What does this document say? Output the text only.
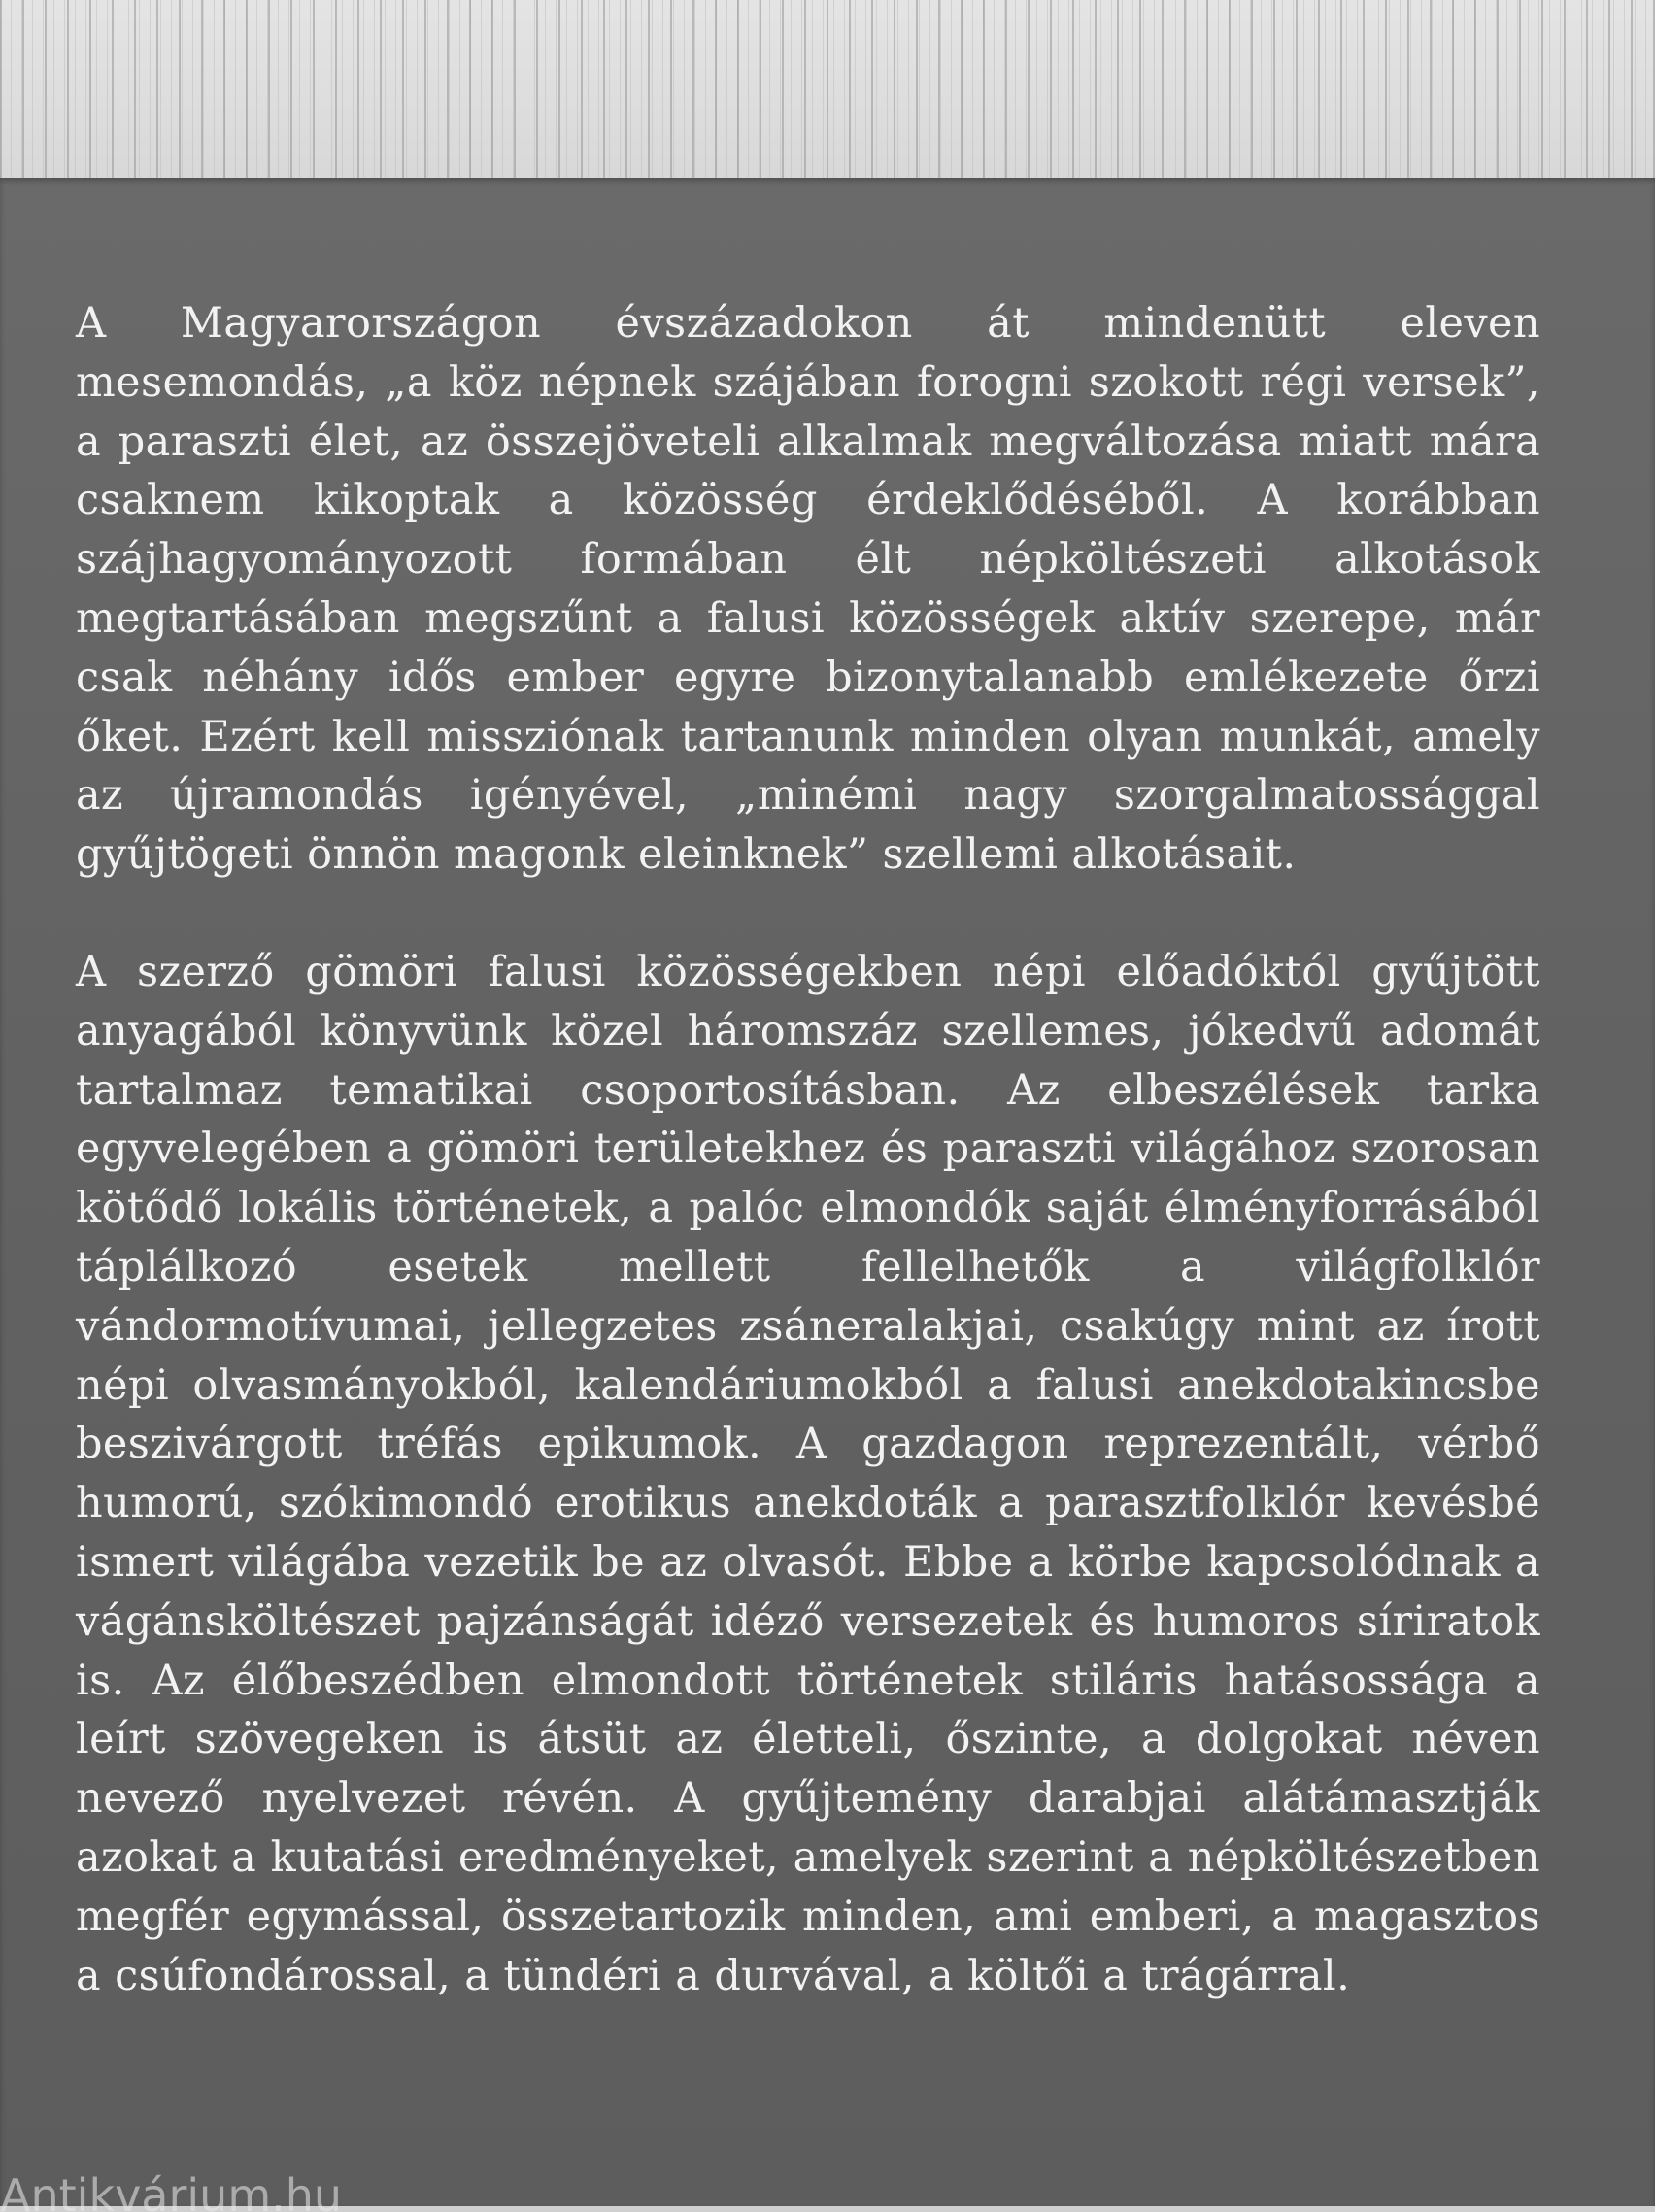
A Magyarországon évszázadokon át mindenütt eleven mesemondás, „a köz népnek szájában forogni szokott régi versek”, a paraszti élet, az összejöveteli alkalmak megváltozása miatt mára csaknem kikoptak a közösség érdeklődéséből. A korábban szájhagyományozott formában élt népköltészeti alkotások megtartásában megszűnt a falusi közösségek aktív szerepe, már csak néhány idős ember egyre bizonytalanabb emlékezete őrzi őket. Ezért kell missziónak tartanunk minden olyan munkát, amely az újramondás igényével, „minémi nagy szorgalmatossággal gyűjtögeti önnön magonk eleinknek” szellemi alkotásait.

A szerző gömöri falusi közösségekben népi előadóktól gyűjtött anyagából könyvünk közel háromszáz szellemes, jókedvű adomát tartalmaz tematikai csoportosításban. Az elbeszélések tarka egyvelegében a gömöri területekhez és paraszti világához szorosan kötődő lokális történetek, a palóc elmondók saját élményforrásából táplálkozó esetek mellett fellelhetők a világfolklór vándormotívumai, jellegzetes zsáneralakjai, csakúgy mint az írott népi olvasmányokból, kalendáriumokból a falusi anekdotakincsbe beszivárgott tréfás epikumok. A gazdagon reprezentált, vérbő humorú, szókimondó erotikus anekdoták a parasztfolklór kevésbé ismert világába vezetik be az olvasót. Ebbe a körbe kapcsolódnak a vágánsköltészet pajzánságát idéző versezetek és humoros síriratok is. Az élőbeszédben elmondott történetek stiláris hatásossága a leírt szövegeken is átsüt az életteli, őszinte, a dolgokat néven nevező nyelvezet révén. A gyűjtemény darabjai alátámasztják azokat a kutatási eredményeket, amelyek szerint a népköltészetben megfér egymással, összetartozik minden, ami emberi, a magasztos a csúfondárossal, a tündéri a durvával, a költői a trágárral.

Antikvárium.hu
